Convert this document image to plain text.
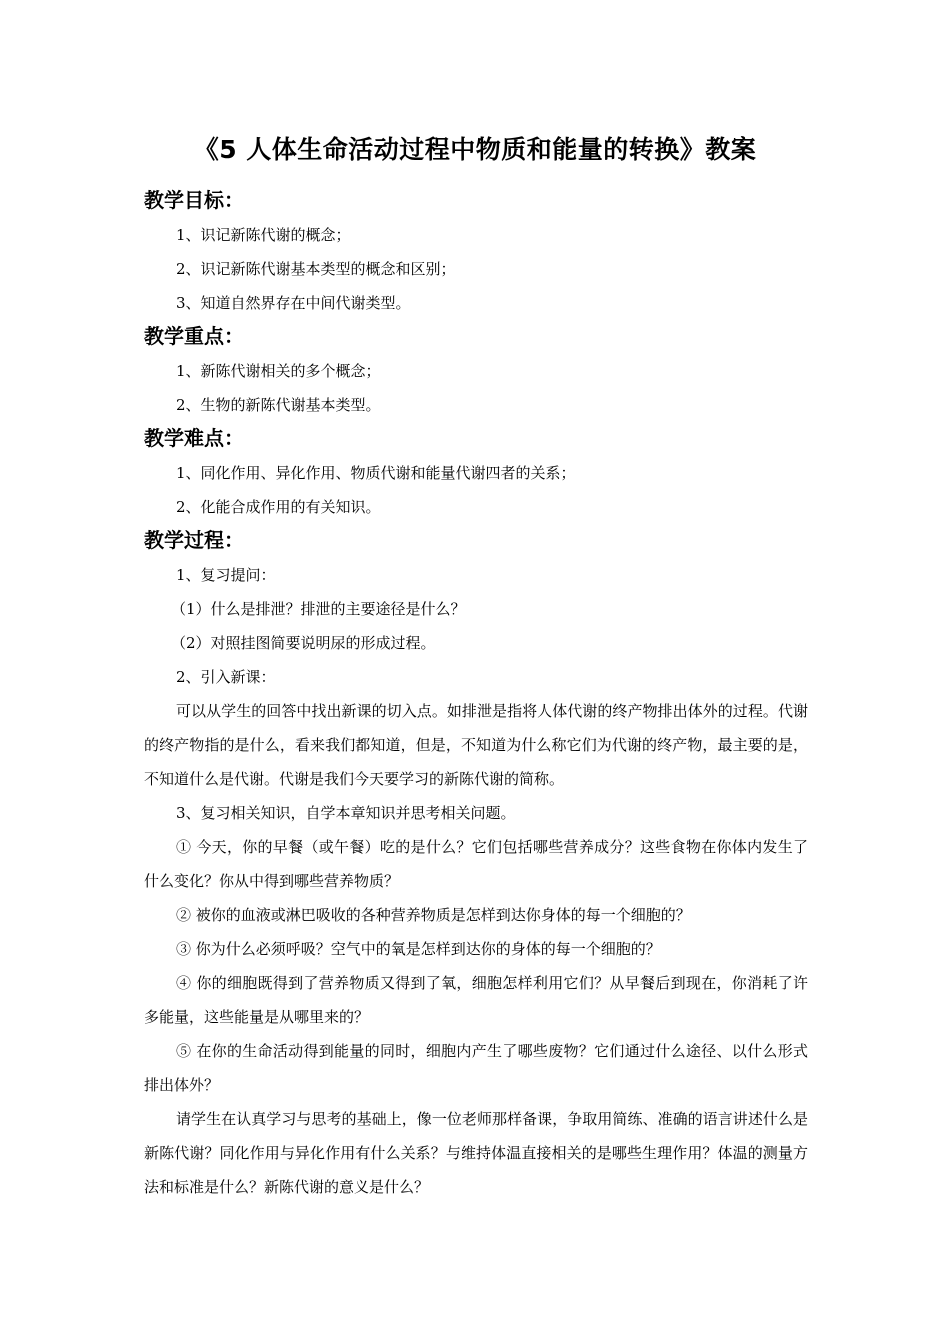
《5 人体生命活动过程中物质和能量的转换》教案
教学目标：
1、识记新陈代谢的概念；
2、识记新陈代谢基本类型的概念和区别；
3、知道自然界存在中间代谢类型。
教学重点：
1、新陈代谢相关的多个概念；
2、生物的新陈代谢基本类型。
教学难点：
1、同化作用、异化作用、物质代谢和能量代谢四者的关系；
2、化能合成作用的有关知识。
教学过程：
1、复习提问：
（1）什么是排泄？排泄的主要途径是什么？
（2）对照挂图简要说明尿的形成过程。
2、引入新课：

可以从学生的回答中找出新课的切入点。如排泄是指将人体代谢的终产物排出体外的过程。代谢的终产物指的是什么，看来我们都知道，但是，不知道为什么称它们为代谢的终产物，最主要的是，不知道什么是代谢。代谢是我们今天要学习的新陈代谢的简称。

3、复习相关知识，自学本章知识并思考相关问题。

① 今天，你的早餐（或午餐）吃的是什么？它们包括哪些营养成分？这些食物在你体内发生了什么变化？你从中得到哪些营养物质？

② 被你的血液或淋巴吸收的各种营养物质是怎样到达你身体的每一个细胞的？

③ 你为什么必须呼吸？空气中的氧是怎样到达你的身体的每一个细胞的？

④ 你的细胞既得到了营养物质又得到了氧，细胞怎样利用它们？从早餐后到现在，你消耗了许多能量，这些能量是从哪里来的？

⑤ 在你的生命活动得到能量的同时，细胞内产生了哪些废物？它们通过什么途径、以什么形式排出体外？

请学生在认真学习与思考的基础上，像一位老师那样备课，争取用简练、准确的语言讲述什么是新陈代谢？同化作用与异化作用有什么关系？与维持体温直接相关的是哪些生理作用？体温的测量方法和标准是什么？新陈代谢的意义是什么？
